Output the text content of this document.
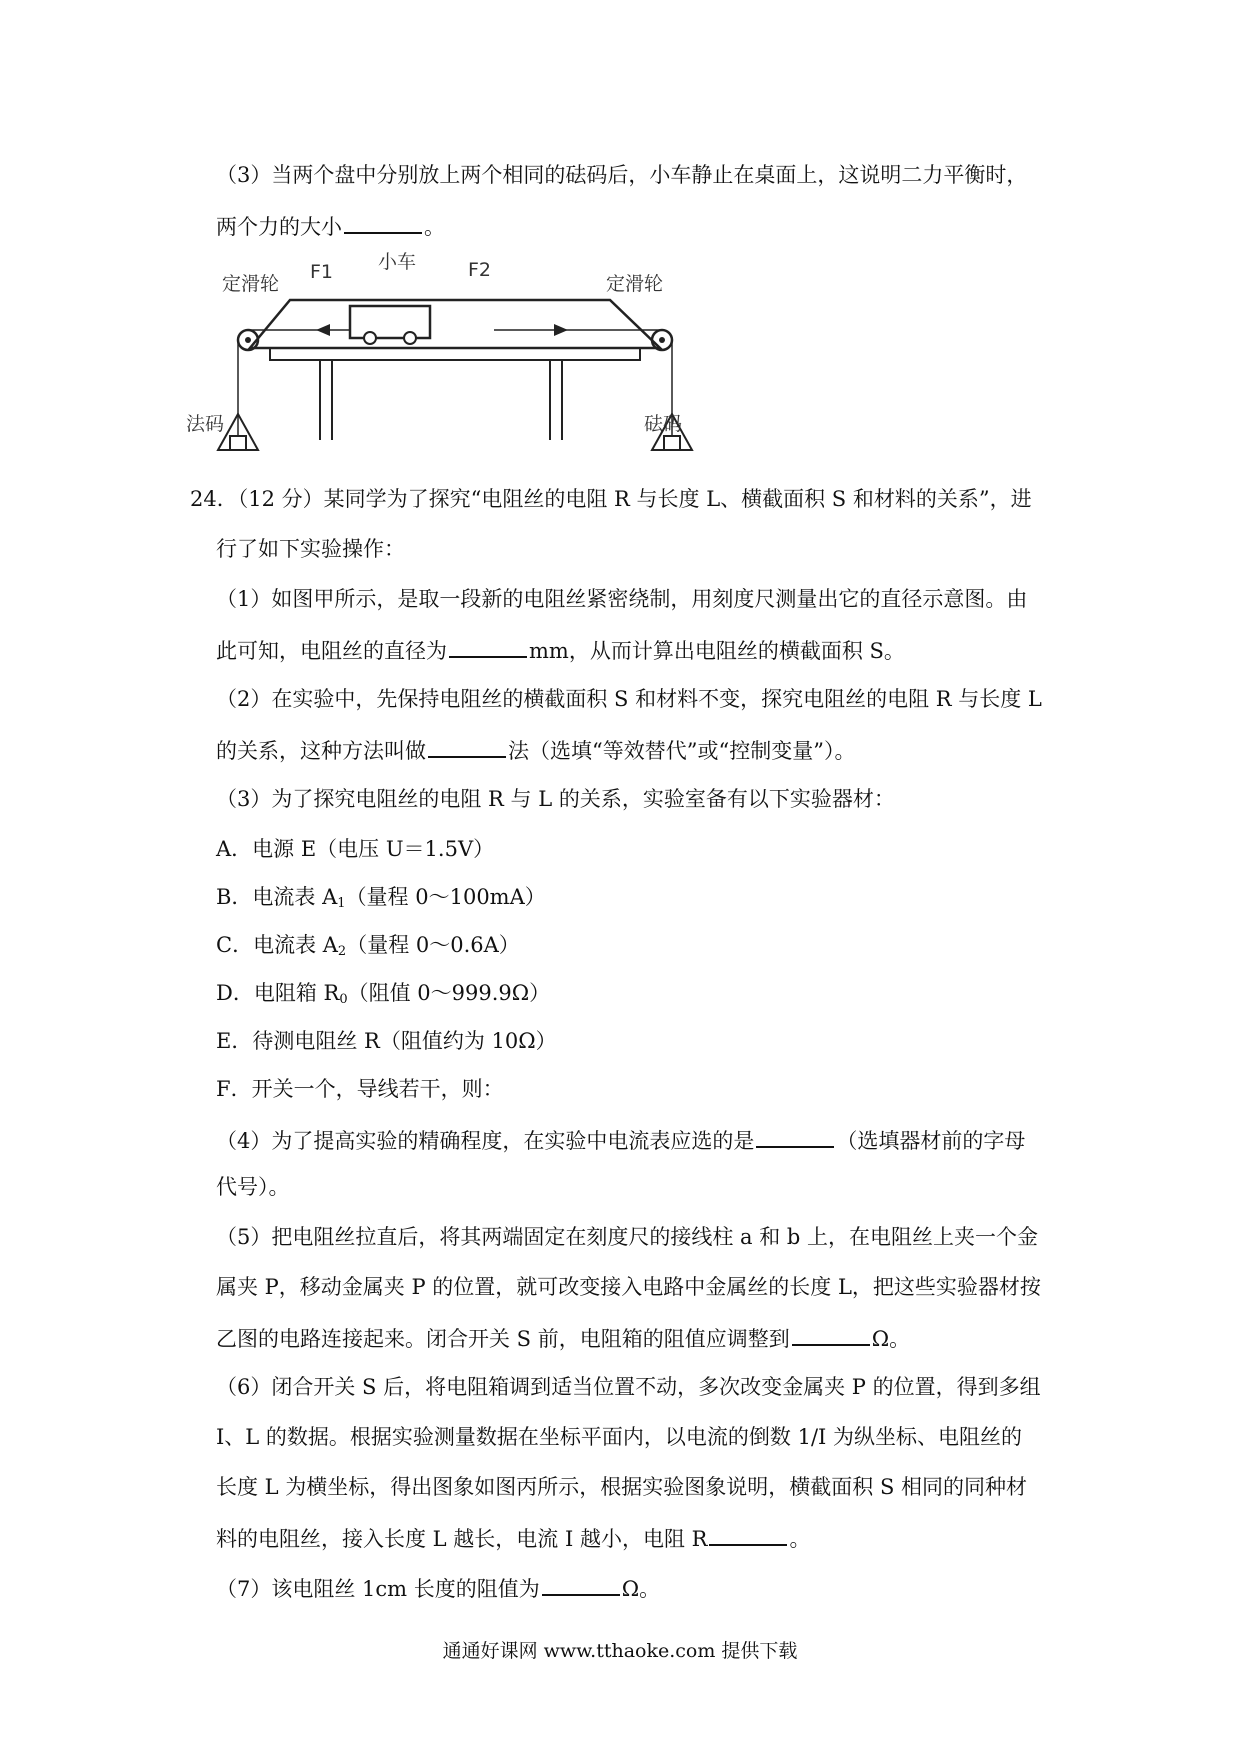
（3）当两个盘中分别放上两个相同的砝码后，小车静止在桌面上，这说明二力平衡时，
两个力的大小	。
小车
F1	F2
定滑轮	定滑轮
法码	砝码
24．（12 分）某同学为了探究“电阻丝的电阻 R 与长度 L、横截面积 S 和材料的关系”，进
行了如下实验操作：
（1）如图甲所示，是取一段新的电阻丝紧密绕制，用刻度尺测量出它的直径示意图。由
此可知，电阻丝的直径为	mm，从而计算出电阻丝的横截面积 S。
（2）在实验中，先保持电阻丝的横截面积 S 和材料不变，探究电阻丝的电阻 R 与长度 L
的关系，这种方法叫做	法（选填“等效替代”或“控制变量”）。
（3）为了探究电阻丝的电阻 R 与 L 的关系，实验室备有以下实验器材：
A．电源 E（电压 U＝1.5V）
B．电流表 $A_1$（量程 0～100mA）
C．电流表 $A_2$（量程 0～0.6A）
D．电阻箱 $R_0$（阻值 0～999.9Ω）
E．待测电阻丝 R（阻值约为 10Ω）
F．开关一个，导线若干，则：
（4）为了提高实验的精确程度，在实验中电流表应选的是	（选填器材前的字母
代号）。
（5）把电阻丝拉直后，将其两端固定在刻度尺的接线柱 a 和 b 上，在电阻丝上夹一个金
属夹 P，移动金属夹 P 的位置，就可改变接入电路中金属丝的长度 L，把这些实验器材按
乙图的电路连接起来。闭合开关 S 前，电阻箱的阻值应调整到	Ω。
（6）闭合开关 S 后，将电阻箱调到适当位置不动，多次改变金属夹 P 的位置，得到多组
I、L 的数据。根据实验测量数据在坐标平面内，以电流的倒数 1/I 为纵坐标、电阻丝的
长度 L 为横坐标，得出图象如图丙所示，根据实验图象说明，横截面积 S 相同的同种材
料的电阻丝，接入长度 L 越长，电流 I 越小，电阻 R	。
（7）该电阻丝 1cm 长度的阻值为	Ω。
通通好课网 www.tthaoke.com 提供下载
